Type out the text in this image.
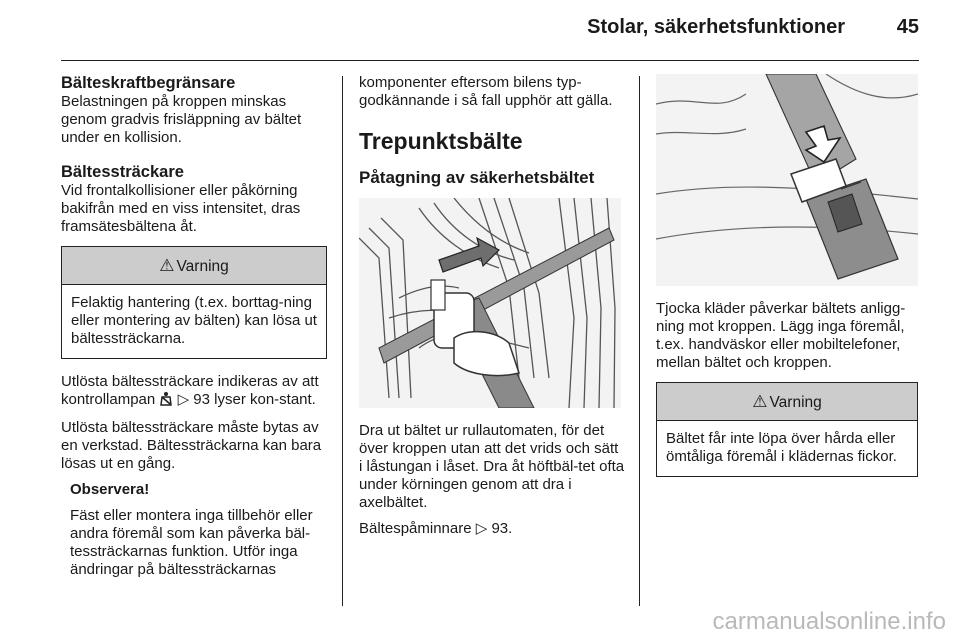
Stolar, säkerhetsfunktioner	45
Bälteskraftbegränsare

Belastningen på kroppen minskas genom gradvis frisläppning av bältet under en kollision.

Bältessträckare

Vid frontalkollisioner eller påkörning bakifrån med en viss intensitet, dras framsätesbältena åt.

⚠ Varning
Felaktig hantering (t.ex. borttag-ning eller montering av bälten) kan lösa ut bältessträckarna.

Utlösta bältessträckare indikeras av att kontrollampan ▷ 93 lyser kon-stant.

Utlösta bältessträckare måste bytas av en verkstad. Bältessträckarna kan bara lösas ut en gång.

Observera!

Fäst eller montera inga tillbehör eller andra föremål som kan påverka bäl-tessträckarnas funktion. Utför inga ändringar på bältessträckarnas

komponenter eftersom bilens typ-godkännande i så fall upphör att gälla.

Trepunktsbälte
Påtagning av säkerhetsbältet

Dra ut bältet ur rullautomaten, för det över kroppen utan att det vrids och sätt i låstungan i låset. Dra åt höftbäl-tet ofta under körningen genom att dra i axelbältet.

Bältespåminnare ▷ 93.

Tjocka kläder påverkar bältets anligg-ning mot kroppen. Lägg inga föremål, t.ex. handväskor eller mobiltelefoner, mellan bältet och kroppen.

⚠ Varning
Bältet får inte löpa över hårda eller ömtåliga föremål i klädernas fickor.
carmanualsonline.info
